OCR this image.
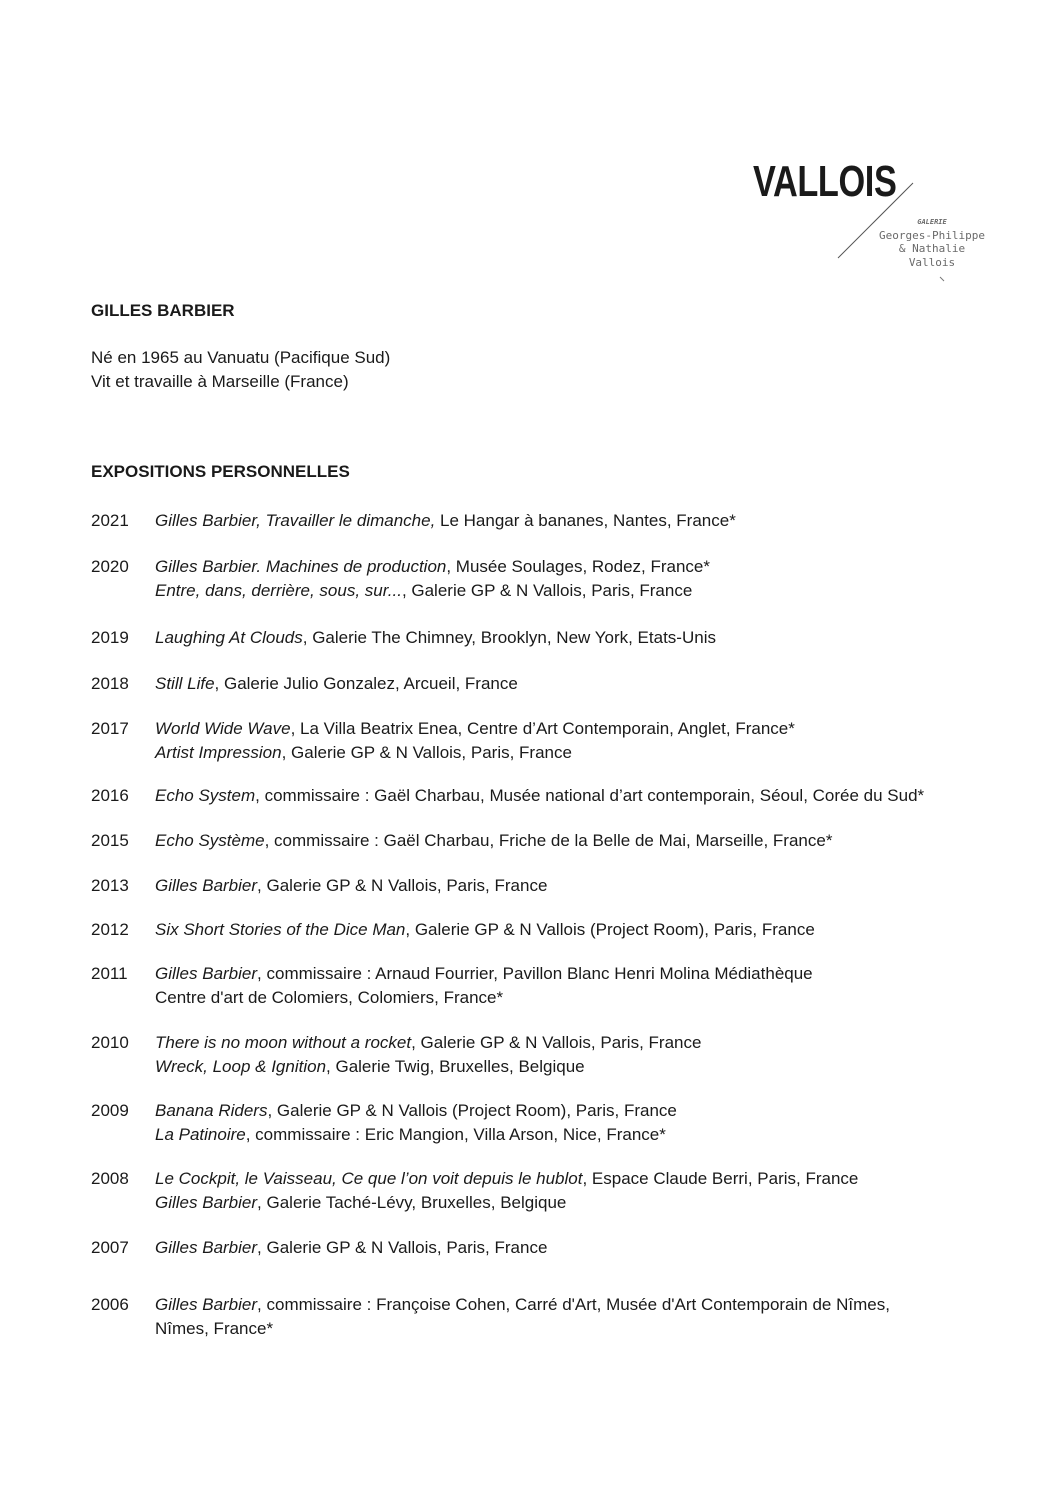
VALLOIS
GALERIE
Georges-Philippe
& Nathalie
Vallois
GILLES BARBIER
Né en 1965 au Vanuatu (Pacifique Sud)
Vit et travaille à Marseille (France)
EXPOSITIONS PERSONNELLES
2021	Gilles Barbier, Travailler le dimanche, Le Hangar à bananes, Nantes, France*
2020	Gilles Barbier. Machines de production, Musée Soulages, Rodez, France*
Entre, dans, derrière, sous, sur..., Galerie GP & N Vallois, Paris, France
2019	Laughing At Clouds, Galerie The Chimney, Brooklyn, New York, Etats-Unis
2018	Still Life, Galerie Julio Gonzalez, Arcueil, France
2017	World Wide Wave, La Villa Beatrix Enea, Centre d’Art Contemporain, Anglet, France*
Artist Impression, Galerie GP & N Vallois, Paris, France
2016	Echo System, commissaire : Gaël Charbau, Musée national d’art contemporain, Séoul, Corée du Sud*
2015	Echo Système, commissaire : Gaël Charbau, Friche de la Belle de Mai, Marseille, France*
2013	Gilles Barbier, Galerie GP & N Vallois, Paris, France
2012	Six Short Stories of the Dice Man, Galerie GP & N Vallois (Project Room), Paris, France
2011	Gilles Barbier, commissaire : Arnaud Fourrier, Pavillon Blanc Henri Molina Médiathèque
Centre d'art de Colomiers, Colomiers, France*
2010	There is no moon without a rocket, Galerie GP & N Vallois, Paris, France
Wreck, Loop & Ignition, Galerie Twig, Bruxelles, Belgique
2009	Banana Riders, Galerie GP & N Vallois (Project Room), Paris, France
La Patinoire, commissaire : Eric Mangion, Villa Arson, Nice, France*
2008	Le Cockpit, le Vaisseau, Ce que l’on voit depuis le hublot, Espace Claude Berri, Paris, France
Gilles Barbier, Galerie Taché-Lévy, Bruxelles, Belgique
2007	Gilles Barbier, Galerie GP & N Vallois, Paris, France
2006	Gilles Barbier, commissaire : Françoise Cohen, Carré d'Art, Musée d'Art Contemporain de Nîmes,
Nîmes, France*
